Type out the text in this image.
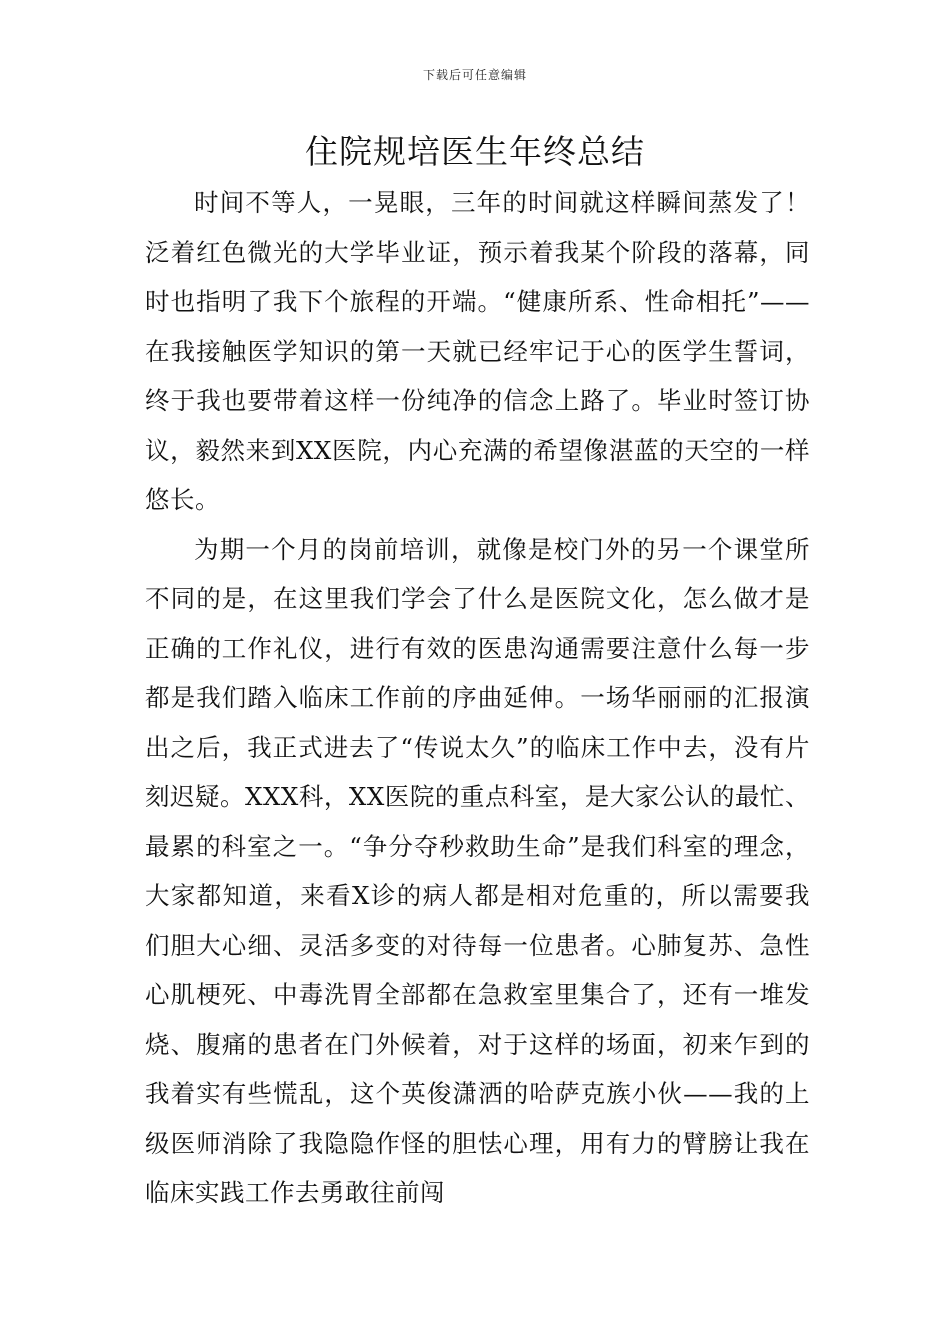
下载后可任意编辑
住院规培医生年终总结

时间不等人，一晃眼，三年的时间就这样瞬间蒸发了！泛着红色微光的大学毕业证，预示着我某个阶段的落幕，同时也指明了我下个旅程的开端。“健康所系、性命相托”——在我接触医学知识的第一天就已经牢记于心的医学生誓词，终于我也要带着这样一份纯净的信念上路了。毕业时签订协议，毅然来到XX医院，内心充满的希望像湛蓝的天空的一样悠长。

为期一个月的岗前培训，就像是校门外的另一个课堂所不同的是，在这里我们学会了什么是医院文化，怎么做才是正确的工作礼仪，进行有效的医患沟通需要注意什么每一步都是我们踏入临床工作前的序曲延伸。一场华丽丽的汇报演出之后，我正式进去了“传说太久”的临床工作中去，没有片刻迟疑。XXX科，XX医院的重点科室，是大家公认的最忙、最累的科室之一。“争分夺秒救助生命”是我们科室的理念，大家都知道，来看X诊的病人都是相对危重的，所以需要我们胆大心细、灵活多变的对待每一位患者。心肺复苏、急性心肌梗死、中毒洗胃全部都在急救室里集合了，还有一堆发烧、腹痛的患者在门外候着，对于这样的场面，初来乍到的我着实有些慌乱，这个英俊潇洒的哈萨克族小伙——我的上级医师消除了我隐隐作怪的胆怯心理，用有力的臂膀让我在临床实践工作去勇敢往前闯
